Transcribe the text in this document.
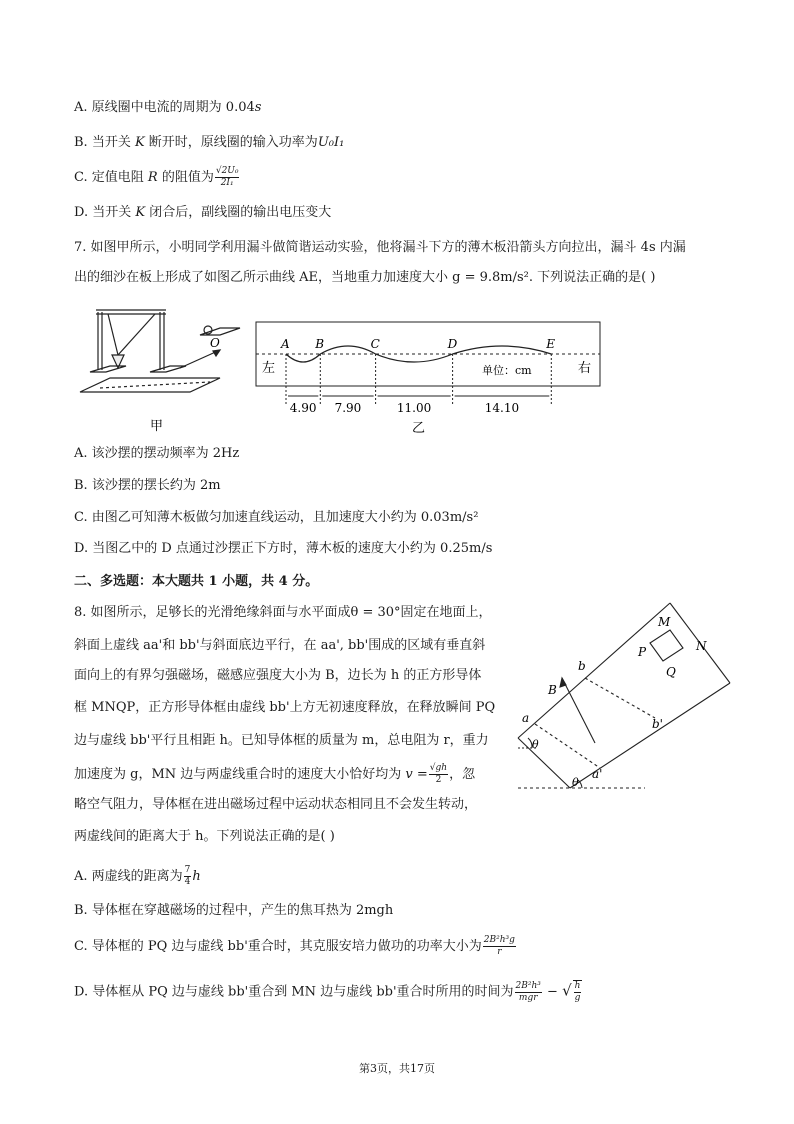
A. 原线圈中电流的周期为 0.04s
B. 当开关 K 断开时，原线圈的输入功率为U₀I₁
C. 定值电阻 R 的阻值为 $\frac{\text{√2U₀}}{\text{2I₁}}$
D. 当开关 K 闭合后，副线圈的输出电压变大
7. 如图甲所示，小明同学利用漏斗做简谐运动实验，他将漏斗下方的薄木板沿箭头方向拉出，漏斗 4s 内漏
出的细沙在板上形成了如图乙所示曲线 AE，当地重力加速度大小 g = 9.8m/s². 下列说法正确的是( )
O
甲
A B	C	D	E
左	右
单位：cm
4.90 7.90	11.00	14.10
乙
A. 该沙摆的摆动频率为 2Hz
B. 该沙摆的摆长约为 2m
C. 由图乙可知薄木板做匀加速直线运动，且加速度大小约为 0.03m/s²
D. 当图乙中的 D 点通过沙摆正下方时，薄木板的速度大小约为 0.25m/s
二、多选题：本大题共 1 小题，共 4 分。
8. 如图所示，足够长的光滑绝缘斜面与水平面成θ = 30°固定在地面上，
斜面上虚线 aa'和 bb'与斜面底边平行，在 aa', bb'围成的区域有垂直斜
面向上的有界匀强磁场，磁感应强度大小为 B，边长为 h 的正方形导体
框 MNQP，正方形导体框由虚线 bb'上方无初速度释放，在释放瞬间 PQ
边与虚线 bb'平行且相距 h。已知导体框的质量为 m，总电阻为 r，重力
加速度为 g，MN 边与两虚线重合时的速度大小恰好均为 $v = \frac{√gh}{2}$ ，忽
略空气阻力，导体框在进出磁场过程中运动状态相同且不会发生转动，
两虚线间的距离大于 h。下列说法正确的是( )
M
N
P
Q
B
a
b
a'
b'
θ
θ
A. 两虚线的距离为 $\frac{7}{4}$ h
B. 导体框在穿越磁场的过程中，产生的焦耳热为 2mgh
C. 导体框的 PQ 边与虚线 bb'重合时，其克服安培力做功的功率大小为 $\frac{\text{2B²h³g}}{r}$
D. 导体框从 PQ 边与虚线 bb'重合到 MN 边与虚线 bb'重合时所用的时间为 $\frac{\text{2B²h³}}{\text{mgr}}$ − √ $\frac{h}{g}$
第3页，共17页
